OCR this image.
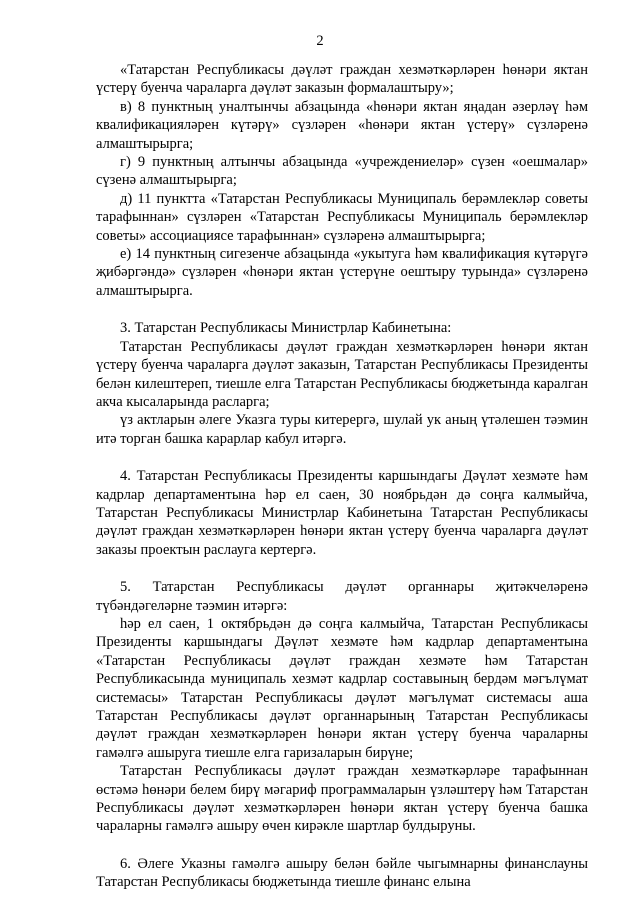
2

«Татарстан Республикасы дәүләт граждан хезмәткәрләрен һөнәри яктан үстерү буенча чараларга дәүләт заказын формалаштыру»;

в) 8 пунктның уналтынчы абзацында «һөнәри яктан яңадан әзерләү һәм квалификацияләрен күтәрү» сүзләрен «һөнәри яктан үстерү» сүзләренә алмаштырырга;

г) 9 пунктның алтынчы абзацында «учреждениеләр» сүзен «оешмалар» сүзенә алмаштырырга;

д) 11 пунктта «Татарстан Республикасы Муниципаль берәмлекләр советы тарафыннан» сүзләрен «Татарстан Республикасы Муниципаль берәмлекләр советы» ассоциациясе тарафыннан» сүзләренә алмаштырырга;

е) 14 пунктның сигезенче абзацында «укытуга һәм квалификация күтәрүгә җибәргәндә» сүзләрен «һөнәри яктан үстерүне оештыру турында» сүзләренә алмаштырырга.

3. Татарстан Республикасы Министрлар Кабинетына:

Татарстан Республикасы дәүләт граждан хезмәткәрләрен һөнәри яктан үстерү буенча чараларга дәүләт заказын, Татарстан Республикасы Президенты белән килештереп, тиешле елга Татарстан Республикасы бюджетында каралган акча кысаларында расларга;

үз актларын әлеге Указга туры китерергә, шулай ук аның үтәлешен тәэмин итә торган башка карарлар кабул итәргә.

4. Татарстан Республикасы Президенты каршындагы Дәүләт хезмәте һәм кадрлар департаментына һәр ел саен, 30 ноябрьдән дә соңга калмыйча, Татарстан Республикасы Министрлар Кабинетына Татарстан Республикасы дәүләт граждан хезмәткәрләрен һөнәри яктан үстерү буенча чараларга дәүләт заказы проектын раслауга кертергә.

5. Татарстан Республикасы дәүләт органнары җитәкчеләренә түбәндәгеләрне тәэмин итәргә:

һәр ел саен, 1 октябрьдән дә соңга калмыйча, Татарстан Республикасы Президенты каршындагы Дәүләт хезмәте һәм кадрлар департаментына «Татарстан Республикасы дәүләт граждан хезмәте һәм Татарстан Республикасында муниципаль хезмәт кадрлар составының бердәм мәгълүмат системасы» Татарстан Республикасы дәүләт мәгълүмат системасы аша Татарстан Республикасы дәүләт органнарының Татарстан Республикасы дәүләт граждан хезмәткәрләрен һөнәри яктан үстерү буенча чараларны гамәлгә ашыруга тиешле елга гаризаларын бирүне;

Татарстан Республикасы дәүләт граждан хезмәткәрләре тарафыннан өстәмә һөнәри белем бирү мәгариф программаларын үзләштерү һәм Татарстан Республикасы дәүләт хезмәткәрләрен һөнәри яктан үстерү буенча башка чараларны гамәлгә ашыру өчен кирәкле шартлар булдыруны.

6. Әлеге Указны гамәлгә ашыру белән бәйле чыгымнарны финанслауны Татарстан Республикасы бюджетында тиешле финанс елына
